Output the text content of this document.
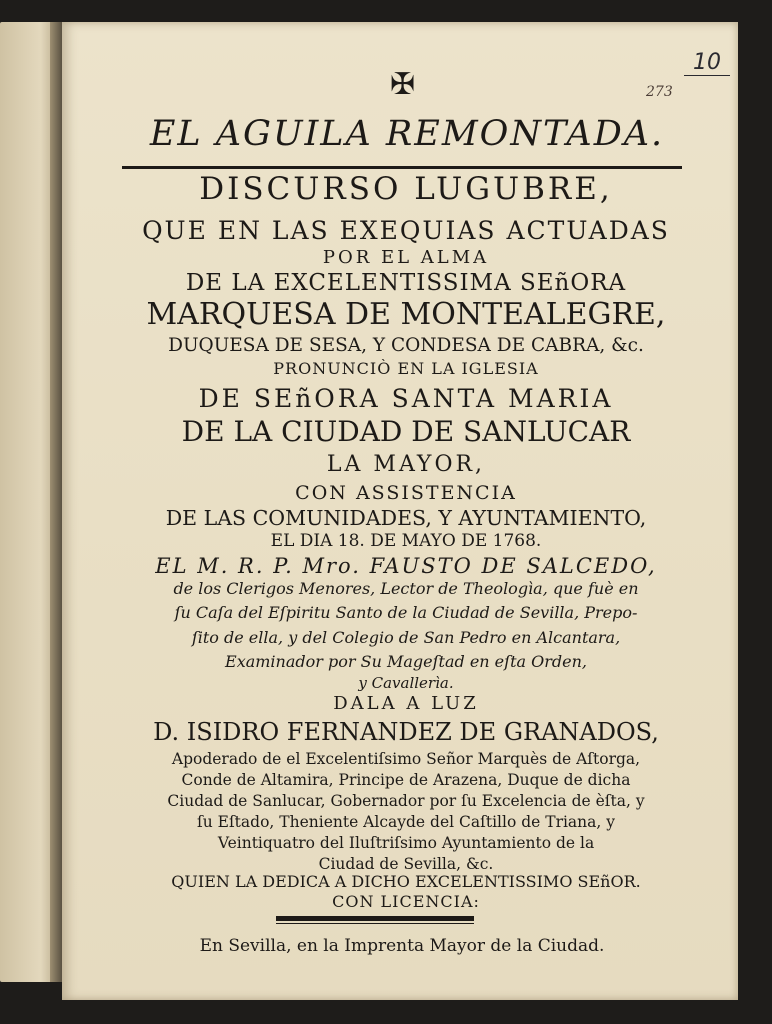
10
273
✠
EL AGUILA REMONTADA.
DISCURSO LUGUBRE,
QUE EN LAS EXEQUIAS ACTUADAS
POR EL ALMA
DE LA EXCELENTISSIMA SEñORA
MARQUESA DE MONTEALEGRE,
DUQUESA DE SESA, Y CONDESA DE CABRA, &c.
PRONUNCIÒ EN LA IGLESIA
DE SEñORA SANTA MARIA
DE LA CIUDAD DE SANLUCAR
LA MAYOR,
CON ASSISTENCIA
DE LAS COMUNIDADES, Y AYUNTAMIENTO,
EL DIA 18. DE MAYO DE 1768.
EL M. R. P. Mro. FAUSTO DE SALCEDO,
de los Clerigos Menores, Lector de Theologìa, que fuè en
ſu Caſa del Eſpiritu Santo de la Ciudad de Sevilla, Prepo-
ſito de ella, y del Colegio de San Pedro en Alcantara,
Examinador por Su Mageſtad en eſta Orden,
y Cavallerìa.
DALA A LUZ
D. ISIDRO FERNANDEZ DE GRANADOS,
Apoderado de el Excelentiſsimo Señor Marquès de Aſtorga,
Conde de Altamira, Principe de Arazena, Duque de dicha
Ciudad de Sanlucar, Gobernador por ſu Excelencia de èſta, y
ſu Eſtado, Theniente Alcayde del Caſtillo de Triana, y
Veintiquatro del Iluſtriſsimo Ayuntamiento de la
Ciudad de Sevilla, &c.
QUIEN LA DEDICA A DICHO EXCELENTISSIMO SEñOR.
CON LICENCIA:
En Sevilla, en la Imprenta Mayor de la Ciudad.
